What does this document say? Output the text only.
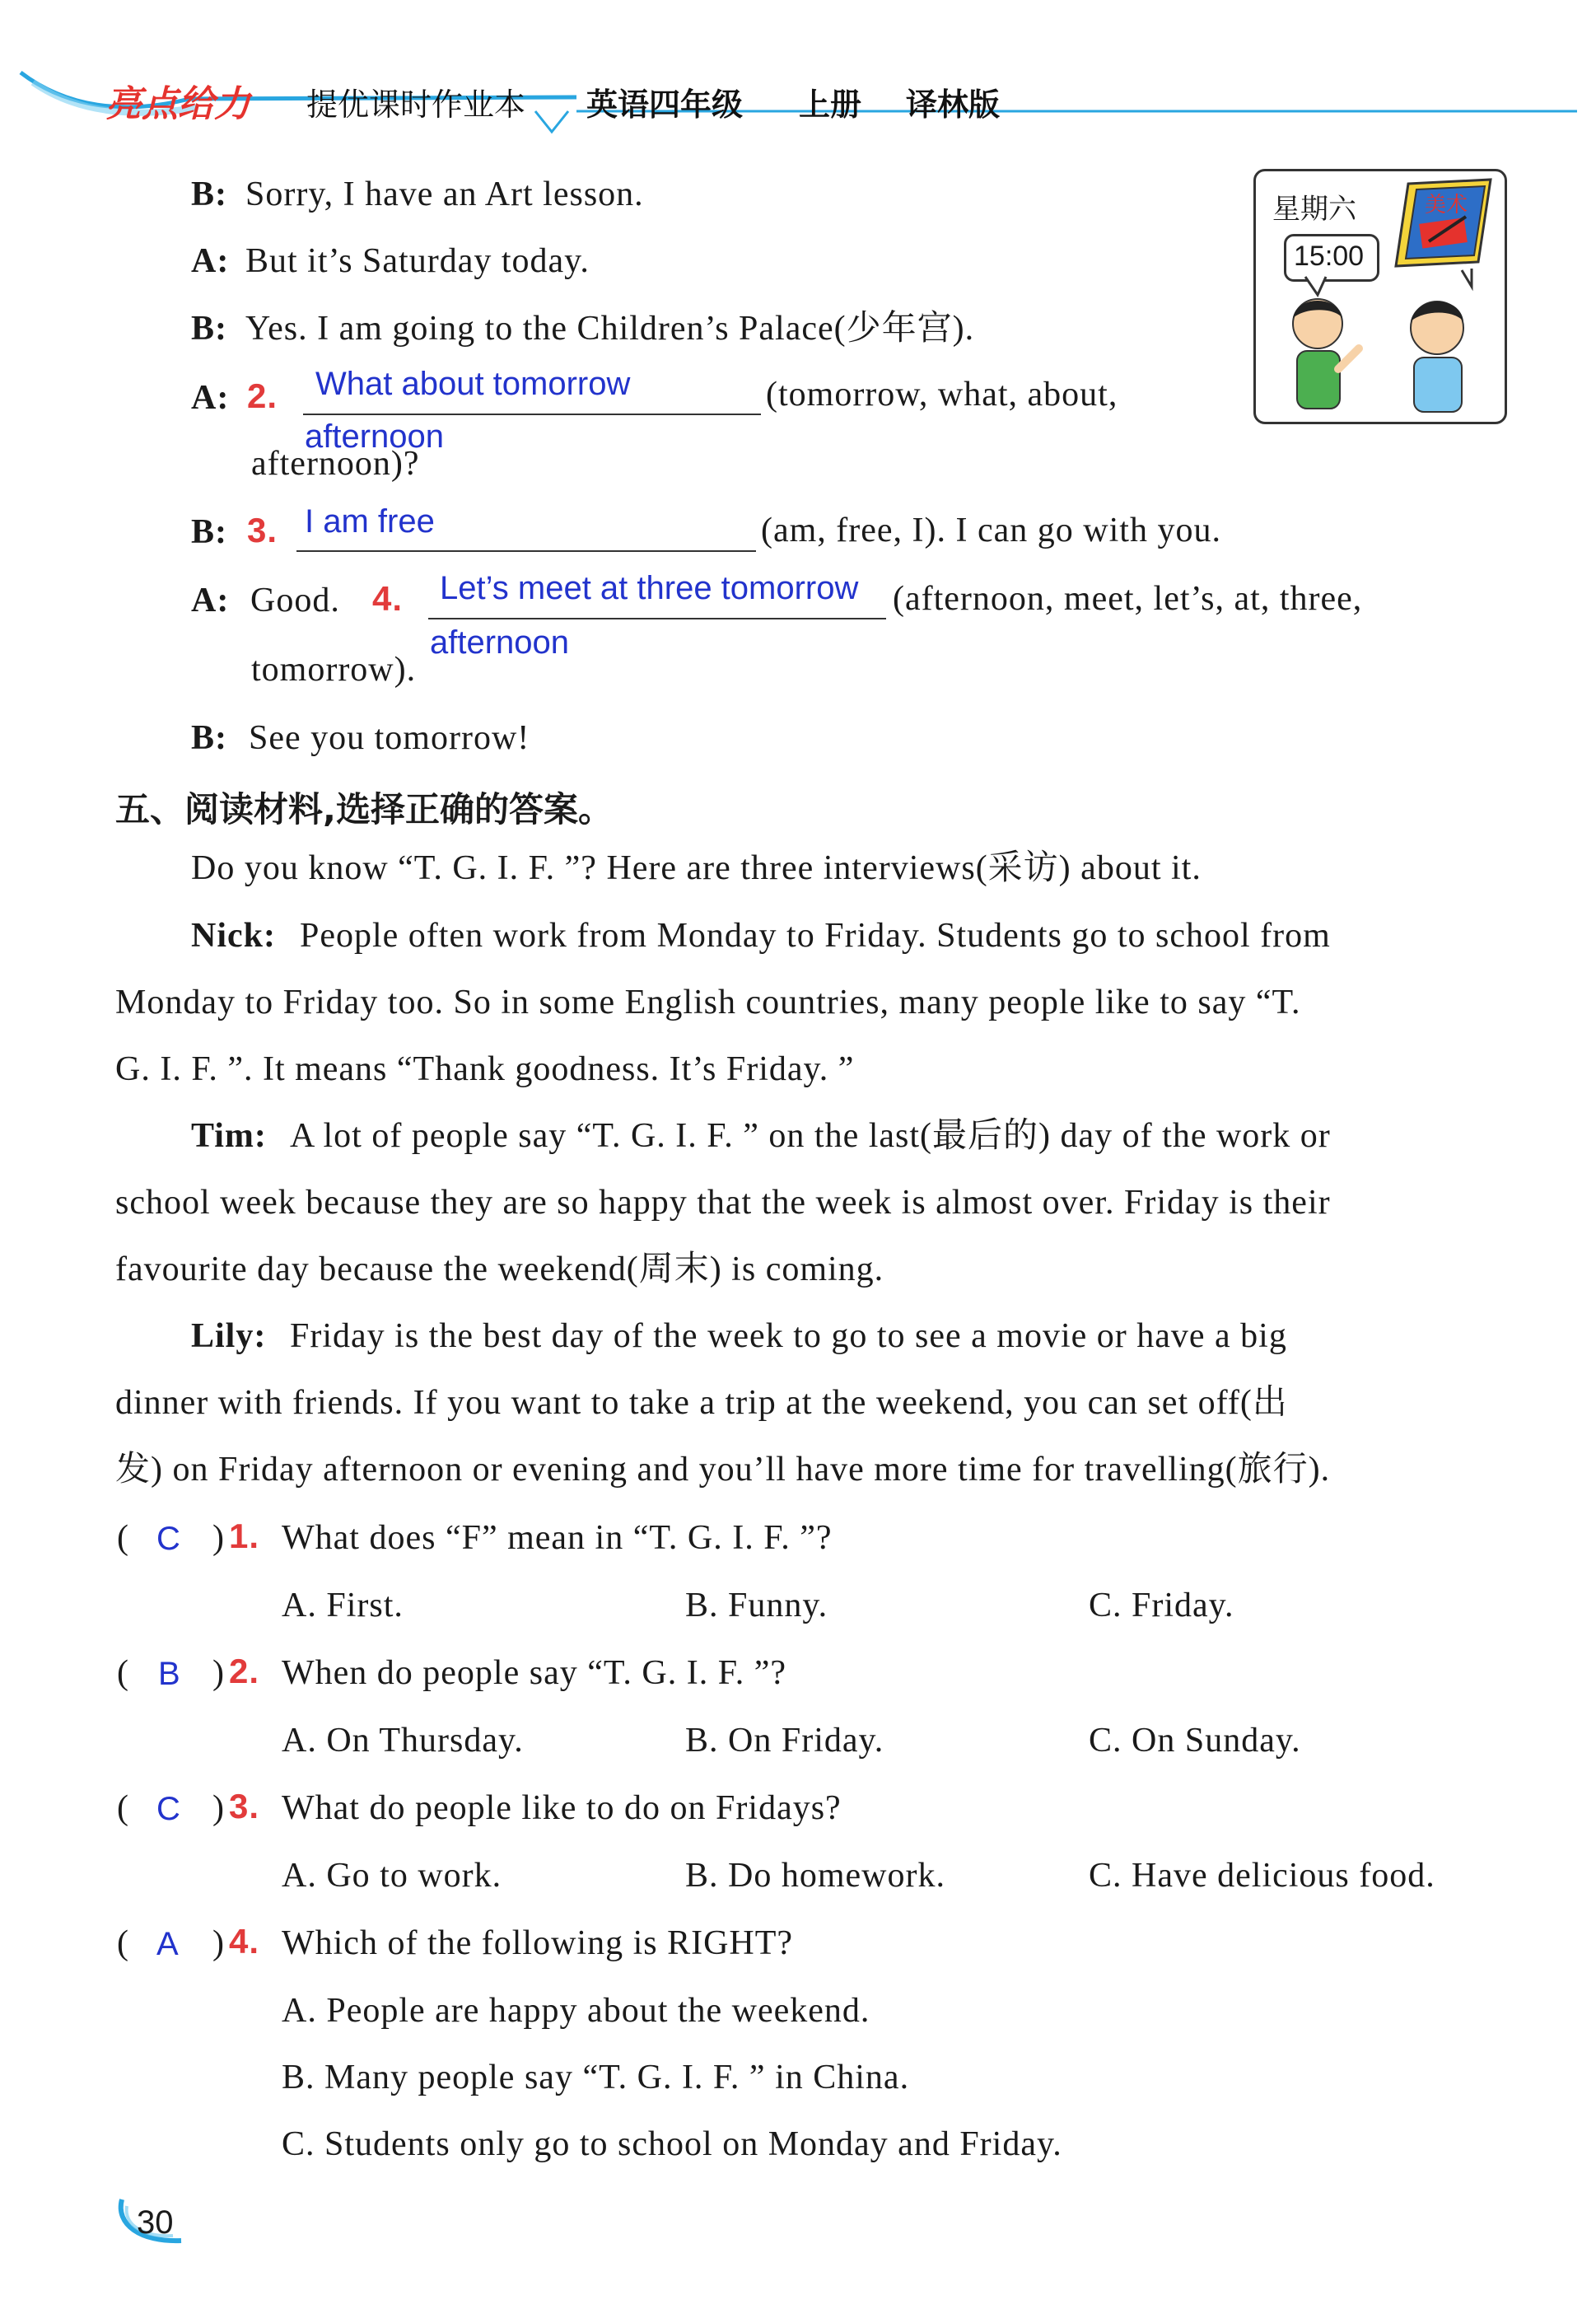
亮点给力 提优课时作业本 英语四年级 上册 译林版
星期六
15:00
美术
B: Sorry, I have an Art lesson.
A: But it’s Saturday today.
B: Yes. I am going to the Children’s Palace(少年宫).
A: 2. What about tomorrow	(tomorrow, what, about,
afternoon
afternoon)?
B: 3. I am free	(am, free, I). I can go with you.
A: Good. 4. Let’s meet at three tomorrow (afternoon, meet, let’s, at, three,
afternoon
tomorrow).
B: See you tomorrow!
五、阅读材料,选择正确的答案。
Do you know “T. G. I. F. ”? Here are three interviews(采访) about it.
Nick: People often work from Monday to Friday. Students go to school from
Monday to Friday too. So in some English countries, many people like to say “T.
G. I. F. ”. It means “Thank goodness. It’s Friday. ”
Tim: A lot of people say “T. G. I. F. ” on the last(最后的) day of the work or
school week because they are so happy that the week is almost over. Friday is their
favourite day because the weekend(周末) is coming.
Lily: Friday is the best day of the week to go to see a movie or have a big
dinner with friends. If you want to take a trip at the weekend, you can set off(出
发) on Friday afternoon or evening and you’ll have more time for travelling(旅行).
( C ) 1. What does “F” mean in “T. G. I. F. ”?
A. First.	B. Funny.	C. Friday.
( B ) 2. When do people say “T. G. I. F. ”?
A. On Thursday.	B. On Friday.	C. On Sunday.
( C ) 3. What do people like to do on Fridays?
A. Go to work.	B. Do homework.	C. Have delicious food.
( A ) 4. Which of the following is RIGHT?
A. People are happy about the weekend.
B. Many people say “T. G. I. F. ” in China.
C. Students only go to school on Monday and Friday.
30
